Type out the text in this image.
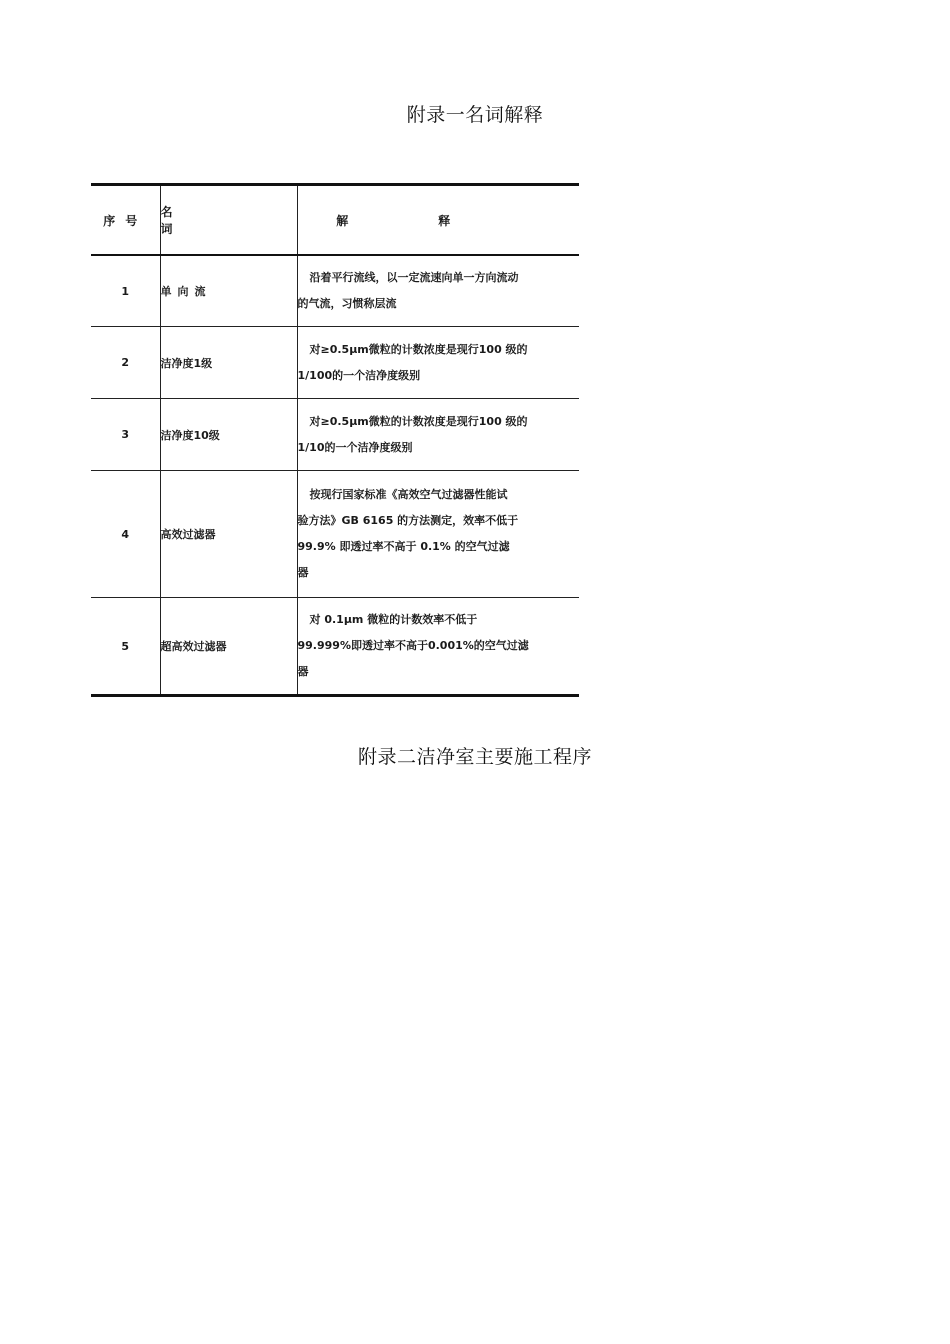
附录一名词解释
序号	名词	解释
1	单向流	沿着平行流线，以一定流速向单一方向流动
的气流，习惯称层流

2	洁净度1级	对≥0.5μm微粒的计数浓度是现行100 级的
1/100的一个洁净度级别

3	洁净度10级	对≥0.5μm微粒的计数浓度是现行100 级的
1/10的一个洁净度级别

4	高效过滤器	按现行国家标准《高效空气过滤器性能试
验方法》GB 6165 的方法测定，效率不低于
99.9% 即透过率不高于 0.1% 的空气过滤
器

5	超高效过滤器	对 0.1μm 微粒的计数效率不低于
99.999%即透过率不高于0.001%的空气过滤
器
附录二洁净室主要施工程序
